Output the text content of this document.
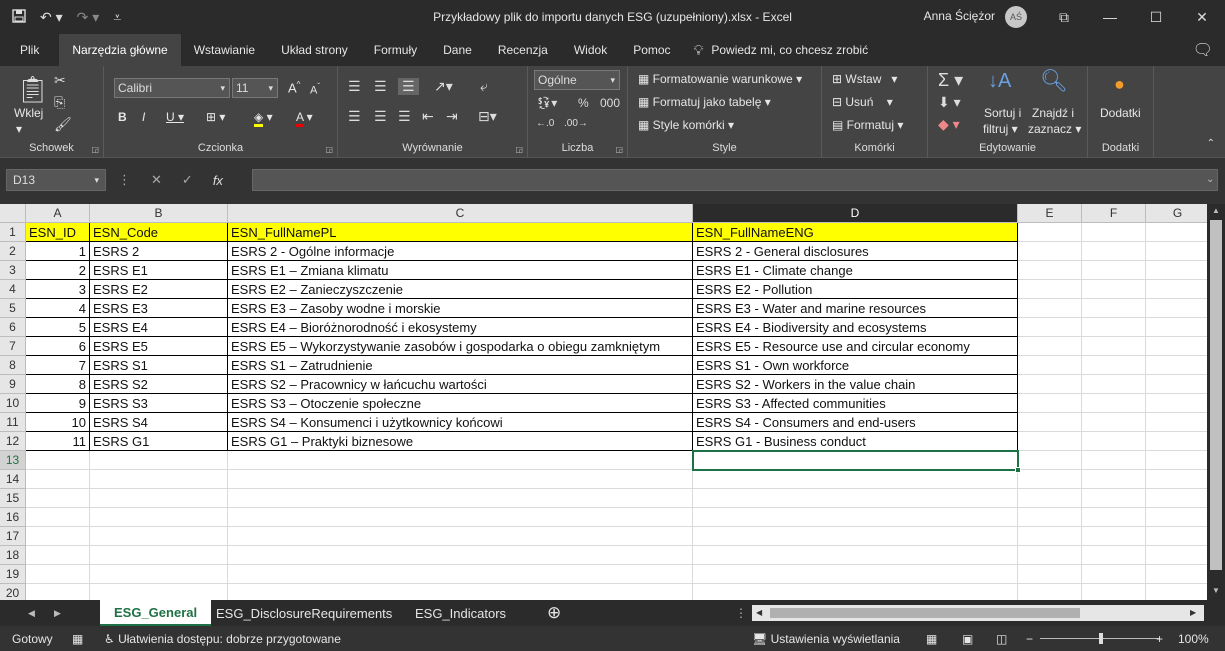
↶ ▾ ↷ ▾ ⩡	Przykładowy plik do importu danych ESG (uzupełniony).xlsx - Excel	Anna Ściężor	AŚ	⧉	—	☐	✕
Plik	Narzędzia główne	Wstawianie	Układ strony	Formuły	Dane	Recenzja	Widok	Pomoc	💡︎ Powiedz mi, co chcesz zrobić	🗨︎
📋︎
Wklej
▾
✂
⎘
🖌︎
Schowek	◲
Calibri	▾ 11 ▾ A^
$A^ˇ$
B I U ▾ ⊞ ▾ ◈ ▾ A ▾
Czcionka	◲
☰ ☰ ☰ ↗▾ ⤶
☰ ☰ ☰ ⇤ ⇥ ⊟▾
Wyrównanie	◲
Ogólne	▾
💱︎▾ % 000
←.0 .00→
Liczba	◲
▦ Formatowanie warunkowe ▾
▦ Formatuj jako tabelę ▾
▦ Style komórki ▾
Style
⊞ Wstaw   ▾
⊟ Usuń    ▾
▤ Formatuj ▾
Komórki
Σ ▾
⬇ ▾
◆ ▾
↓A
Sortuj i
filtruj ▾
🔍︎
Znajdź i
zaznacz ▾
Edytowanie
●
Dodatki
Dodatki	⌃
D13	▾ ⋮ ✕ ✓ fx	⌄
A	B	C	D	E	F	G
1	ESN_ID	ESN_Code	ESN_FullNamePL	ESN_FullNameENG
2	1 ESRS 2	ESRS 2 - Ogólne informacje	ESRS 2 - General disclosures
3	2 ESRS E1	ESRS E1 – Zmiana klimatu	ESRS E1 - Climate change
4	3 ESRS E2	ESRS E2 – Zanieczyszczenie	ESRS E2 - Pollution
5	4 ESRS E3	ESRS E3 – Zasoby wodne i morskie	ESRS E3 - Water and marine resources
6	5 ESRS E4	ESRS E4 – Bioróżnorodność i ekosystemy	ESRS E4 - Biodiversity and ecosystems
7	6 ESRS E5	ESRS E5 – Wykorzystywanie zasobów i gospodarka o obiegu zamkniętym	ESRS E5 - Resource use and circular economy
8	7 ESRS S1	ESRS S1 – Zatrudnienie	ESRS S1 - Own workforce
9	8 ESRS S2	ESRS S2 – Pracownicy w łańcuchu wartości	ESRS S2 - Workers in the value chain
10	9 ESRS S3	ESRS S3 – Otoczenie społeczne	ESRS S3 - Affected communities
11	10 ESRS S4	ESRS S4 – Konsumenci i użytkownicy końcowi	ESRS S4 - Consumers and end-users
12	11 ESRS G1	ESRS G1 – Praktyki biznesowe	ESRS G1 - Business conduct
13
14
15
16
17
18
19
20
▲
▼
◀ ▶	ESG_General	ESG_DisclosureRequirements	ESG_Indicators	⊕	⋮ ◀	▶
Gotowy ▦ ♿︎ Ułatwienia dostępu: dobrze przygotowane	🖥︎ Ustawienia wyświetlania ▦ ▣ ◫ −	+ 100%
